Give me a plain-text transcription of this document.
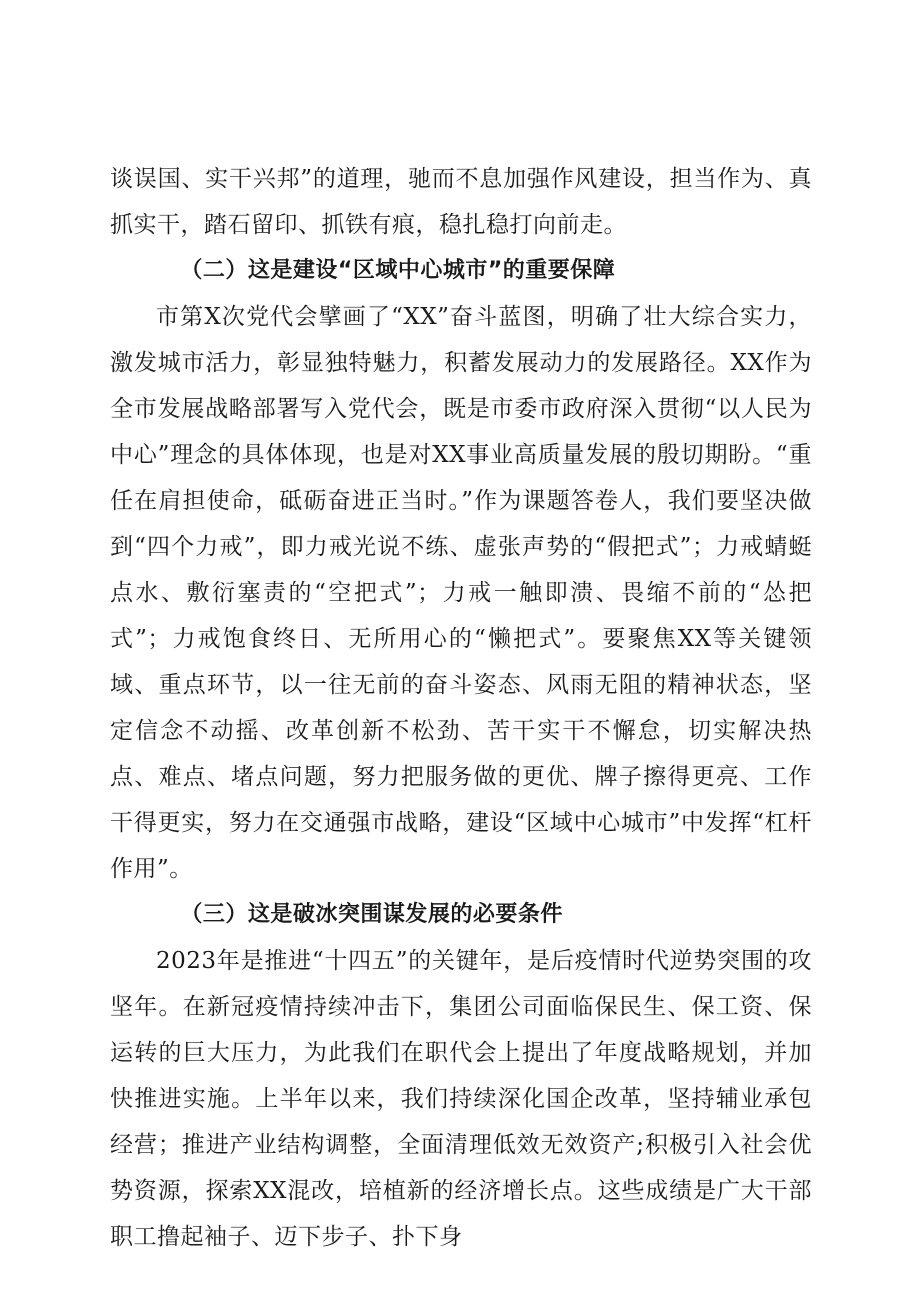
谈误国、实干兴邦”的道理，驰而不息加强作风建设，担当作为、真抓实干，踏石留印、抓铁有痕，稳扎稳打向前走。

（二）这是建设“区域中心城市”的重要保障

市第X次党代会擘画了“XX”奋斗蓝图，明确了壮大综合实力，激发城市活力，彰显独特魅力，积蓄发展动力的发展路径。XX作为全市发展战略部署写入党代会，既是市委市政府深入贯彻“以人民为中心”理念的具体体现，也是对XX事业高质量发展的殷切期盼。“重任在肩担使命，砥砺奋进正当时。”作为课题答卷人，我们要坚决做到“四个力戒”，即力戒光说不练、虚张声势的“假把式”；力戒蜻蜓点水、敷衍塞责的“空把式”；力戒一触即溃、畏缩不前的“怂把式”；力戒饱食终日、无所用心的“懒把式”。要聚焦XX等关键领域、重点环节，以一往无前的奋斗姿态、风雨无阻的精神状态，坚定信念不动摇、改革创新不松劲、苦干实干不懈怠，切实解决热点、难点、堵点问题，努力把服务做的更优、牌子擦得更亮、工作干得更实，努力在交通强市战略，建设“区域中心城市”中发挥“杠杆作用”。

（三）这是破冰突围谋发展的必要条件

2023年是推进“十四五”的关键年，是后疫情时代逆势突围的攻坚年。在新冠疫情持续冲击下，集团公司面临保民生、保工资、保运转的巨大压力，为此我们在职代会上提出了年度战略规划，并加快推进实施。上半年以来，我们持续深化国企改革，坚持辅业承包经营；推进产业结构调整，全面清理低效无效资产;积极引入社会优势资源，探索XX混改，培植新的经济增长点。这些成绩是广大干部职工撸起袖子、迈下步子、扑下身
